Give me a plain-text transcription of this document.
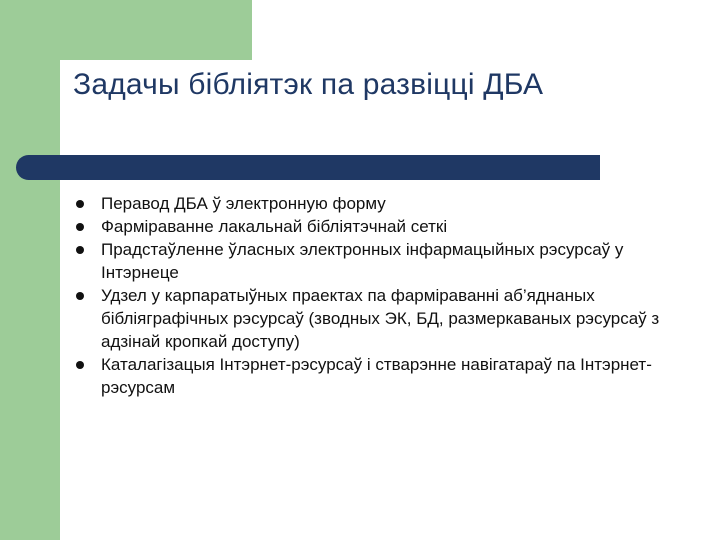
Задачы бібліятэк па развіцці ДБА
Перавод ДБА ў электронную форму
Фарміраванне лакальнай бібліятэчнай сеткі
Прадстаўленне ўласных электронных інфармацыйных рэсурсаў у Інтэрнеце
Удзел у карпаратыўных праектах па фарміраванні аб’яднаных бібліяграфічных рэсурсаў (зводных ЭК, БД, размеркаваных рэсурсаў з адзінай кропкай доступу)
Каталагізацыя Інтэрнет-рэсурсаў і стварэнне навігатараў па Інтэрнет-рэсурсам
